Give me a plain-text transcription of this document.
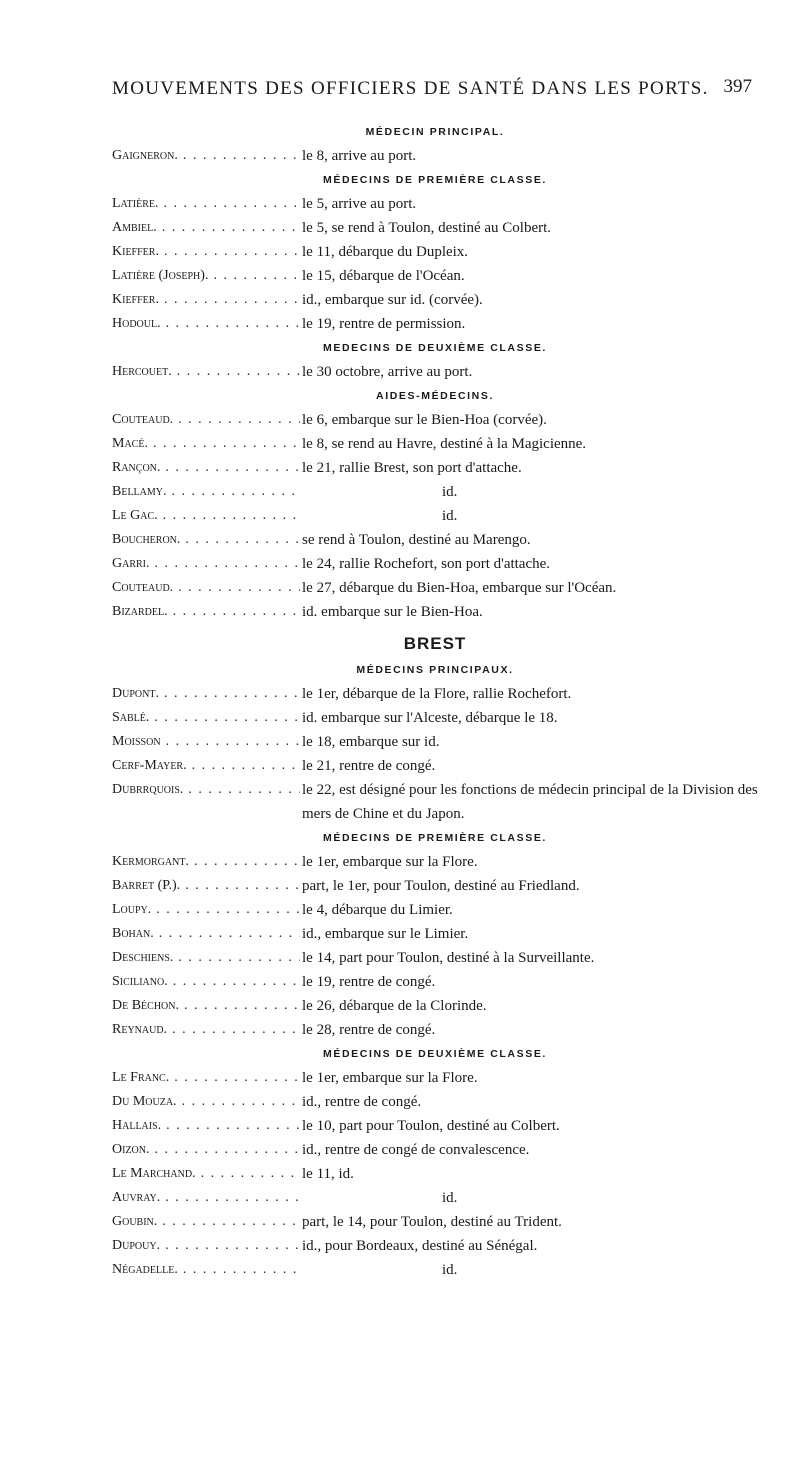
MOUVEMENTS DES OFFICIERS DE SANTÉ DANS LES PORTS. 397
MÉDECIN PRINCIPAL.
Gaigneron. . . .	le 8, arrive au port.
MÉDECINS DE PREMIÈRE CLASSE.
Latière. . . .	le 5, arrive au port.
Ambiel. . . .	le 5, se rend à Toulon, destiné au Colbert.
Kieffer. . . .	le 11, débarque du Dupleix.
Latière (Joseph). . . .	le 15, débarque de l'Océan.
Kieffer. . . .	id., embarque sur id. (corvée).
Hodoul. . . .	le 19, rentre de permission.
MEDECINS DE DEUXIÈME CLASSE.
Hercouet. . . .	le 30 octobre, arrive au port.
AIDES-MÉDECINS.
Couteaud. . . .	le 6, embarque sur le Bien-Hoa (corvée).
Macé. . . .	le 8, se rend au Havre, destiné à la Magicienne.
Rançon. . . .	le 21, rallie Brest, son port d'attache.
Bellamy. . . .	id.
Le Gac. . . .	id.
Boucheron. . . .	se rend à Toulon, destiné au Marengo.
Garri. . . .	le 24, rallie Rochefort, son port d'attache.
Couteaud. . . .	le 27, débarque du Bien-Hoa, embarque sur l'Océan.
Bizardel. . . .	id. embarque sur le Bien-Hoa.
BREST
MÉDECINS PRINCIPAUX.
Dupont. . . .	le 1er, débarque de la Flore, rallie Rochefort.
Sablé. . . .	id. embarque sur l'Alceste, débarque le 18.
Moisson . . .	le 18, embarque sur id.
Cerf-Mayer. . . .	le 21, rentre de congé.
Dubrrquois. . . .	le 22, est désigné pour les fonctions de médecin principal de la Division des mers de Chine et du Japon.
MÉDECINS DE PREMIÈRE CLASSE.
Kermorgant. . . .	le 1er, embarque sur la Flore.
Barret (P.). . . .	part, le 1er, pour Toulon, destiné au Friedland.
Loupy. . . .	le 4, débarque du Limier.
Bohan. . . .	id., embarque sur le Limier.
Deschiens. . . .	le 14, part pour Toulon, destiné à la Surveillante.
Siciliano. . . .	le 19, rentre de congé.
De Béchon. . . .	le 26, débarque de la Clorinde.
Reynaud. . . .	le 28, rentre de congé.
MÉDECINS DE DEUXIÈME CLASSE.
Le Franc. . . .	le 1er, embarque sur la Flore.
Du Mouza. . . .	id., rentre de congé.
Hallais. . . .	le 10, part pour Toulon, destiné au Colbert.
Oizon. . . .	id., rentre de congé de convalescence.
Le Marchand. . . .	le 11, id.
Auvray. . . .	id.
Goubin. . . .	part, le 14, pour Toulon, destiné au Trident.
Dupouy. . . .	id., pour Bordeaux, destiné au Sénégal.
Négadelle. . . .	id.
